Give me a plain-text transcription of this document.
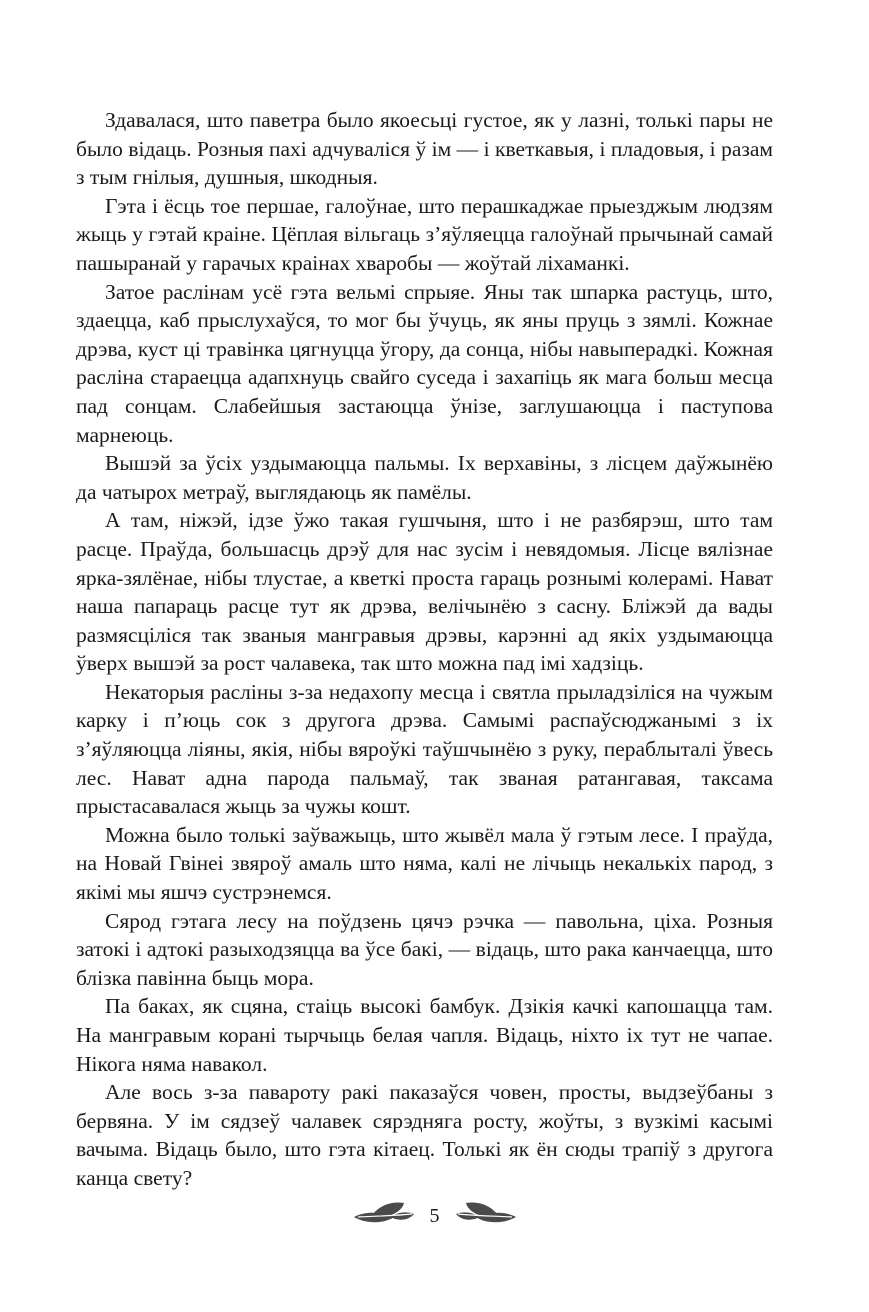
Здавалася, што паветра было якоесьці густое, як у лазні, толькі пары не было відаць. Розныя пахі адчуваліся ў ім — і кветкавыя, і пладовыя, і разам з тым гнілыя, душныя, шкодныя.

Гэта і ёсць тое першае, галоўнае, што перашкаджае прыезджым людзям жыць у гэтай краіне. Цёплая вільгаць з’яўляецца галоўнай прычынай самай пашыранай у гарачых краінах хваробы — жоўтай ліхаманкі.

Затое раслінам усё гэта вельмі спрыяе. Яны так шпарка растуць, што, здаецца, каб прыслухаўся, то мог бы ўчуць, як яны пруць з зямлі. Кожнае дрэва, куст ці травінка цягнуцца ўгору, да сонца, нібы навыперадкі. Кожная расліна стараецца адапхнуць свайго суседа і захапіць як мага больш месца пад сонцам. Слабейшыя застаюцца ўнізе, заглушаюцца і паступова марнеюць.

Вышэй за ўсіх уздымаюцца пальмы. Іх верхавіны, з лісцем даўжынёю да чатырох метраў, выглядаюць як памёлы.

А там, ніжэй, ідзе ўжо такая гушчыня, што і не разбярэш, што там расце. Праўда, большасць дрэў для нас зусім і невядомыя. Лісце вялізнае ярка-зялёнае, нібы тлустае, а кветкі проста гараць рознымі колерамі. Нават наша папараць расце тут як дрэва, велічынёю з сасну. Бліжэй да вады размясціліся так званыя мангравыя дрэвы, карэнні ад якіх уздымаюцца ўверх вышэй за рост чалавека, так што можна пад імі хадзіць.

Некаторыя расліны з-за недахопу месца і святла прыладзіліся на чужым карку і п’юць сок з другога дрэва. Самымі распаўсюджанымі з іх з’яўляюцца ліяны, якія, нібы вяроўкі таўшчынёю з руку, пераблыталі ўвесь лес. Нават адна парода пальмаў, так званая ратангавая, таксама прыстасавалася жыць за чужы кошт.

Можна было толькі заўважыць, што жывёл мала ў гэтым лесе. І праўда, на Новай Гвінеі звяроў амаль што няма, калі не лічыць некалькіх парод, з якімі мы яшчэ сустрэнемся.

Сярод гэтага лесу на поўдзень цячэ рэчка — павольна, ціха. Розныя затокі і адтокі разыходзяцца ва ўсе бакі, — відаць, што рака канчаецца, што блізка павінна быць мора.

Па баках, як сцяна, стаіць высокі бамбук. Дзікія качкі капошацца там. На мангравым корані тырчыць белая чапля. Відаць, ніхто іх тут не чапае. Нікога няма навакол.

Але вось з-за павароту ракі паказаўся човен, просты, выдзеўбаны з бервяна. У ім сядзеў чалавек сярэдняга росту, жоўты, з вузкімі касымі вачыма. Відаць было, што гэта кітаец. Толькі як ён сюды трапіў з другога канца свету?

5
